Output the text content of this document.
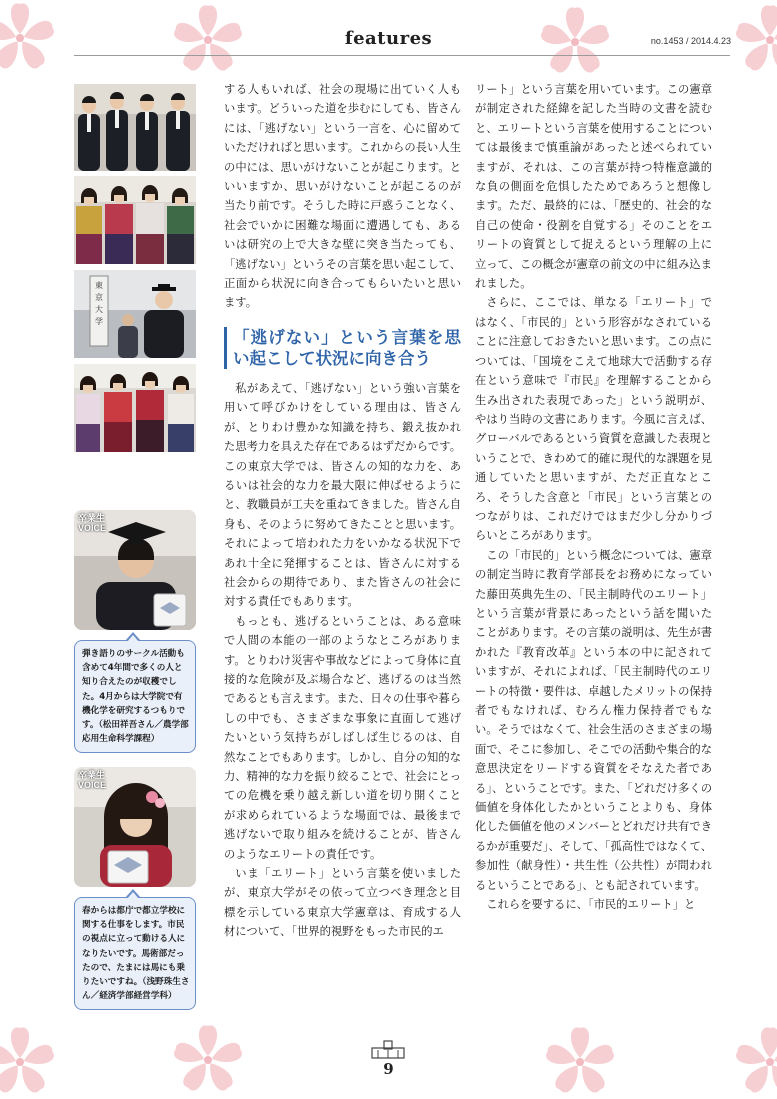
features	no.1453 / 2014.4.23
東
京
大
学
卒業生
VOICE
弾き語りのサークル活動も含めて4年間で多くの人と知り合えたのが収穫でした。4月からは大学院で有機化学を研究するつもりです。（松田祥吾さん／農学部応用生命科学課程）
卒業生
VOICE
春からは都庁で都立学校に関する仕事をします。市民の視点に立って動ける人になりたいです。馬術部だったので、たまには馬にも乗りたいですね。（浅野珠生さん／経済学部経営学科）

する人もいれば、社会の現場に出ていく人もいます。どういった道を歩むにしても、皆さんには、「逃げない」という一言を、心に留めていただければと思います。これからの長い人生の中には、思いがけないことが起こります。といいますか、思いがけないことが起こるのが当たり前です。そうした時に戸惑うことなく、社会でいかに困難な場面に遭遇しても、あるいは研究の上で大きな壁に突き当たっても、「逃げない」というその言葉を思い起こして、正面から状況に向き合ってもらいたいと思います。

「逃げない」という言葉を思い起こして状況に向き合う

私があえて、「逃げない」という強い言葉を用いて呼びかけをしている理由は、皆さんが、とりわけ豊かな知識を持ち、鍛え抜かれた思考力を具えた存在であるはずだからです。この東京大学では、皆さんの知的な力を、あるいは社会的な力を最大限に伸ばせるようにと、教職員が工夫を重ねてきました。皆さん自身も、そのように努めてきたことと思います。それによって培われた力をいかなる状況下であれ十全に発揮することは、皆さんに対する社会からの期待であり、また皆さんの社会に対する責任でもあります。

もっとも、逃げるということは、ある意味で人間の本能の一部のようなところがあります。とりわけ災害や事故などによって身体に直接的な危険が及ぶ場合など、逃げるのは当然であるとも言えます。また、日々の仕事や暮らしの中でも、さまざまな事象に直面して逃げたいという気持ちがしばしば生じるのは、自然なことでもあります。しかし、自分の知的な力、精神的な力を振り絞ることで、社会にとっての危機を乗り越え新しい道を切り開くことが求められているような場面では、最後まで逃げないで取り組みを続けることが、皆さんのようなエリートの責任です。

いま「エリート」という言葉を使いましたが、東京大学がその依って立つべき理念と目標を示している東京大学憲章は、育成する人材について、「世界的視野をもった市民的エ

リート」という言葉を用いています。この憲章が制定された経緯を記した当時の文書を読むと、エリートという言葉を使用することについては最後まで慎重論があったと述べられていますが、それは、この言葉が持つ特権意識的な負の側面を危惧したためであろうと想像します。ただ、最終的には、「歴史的、社会的な自己の使命・役割を自覚する」そのことをエリートの資質として捉えるという理解の上に立って、この概念が憲章の前文の中に組み込まれました。

さらに、ここでは、単なる「エリート」ではなく、「市民的」という形容がなされていることに注意しておきたいと思います。この点については、「国境をこえて地球大で活動する存在という意味で『市民』を理解することから生み出された表現であった」という説明が、やはり当時の文書にあります。今風に言えば、グローバルであるという資質を意識した表現ということで、きわめて的確に現代的な課題を見通していたと思いますが、ただ正直なところ、そうした含意と「市民」という言葉とのつながりは、これだけではまだ少し分かりづらいところがあります。

この「市民的」という概念については、憲章の制定当時に教育学部長をお務めになっていた藤田英典先生の、「民主制時代のエリート」という言葉が背景にあったという話を聞いたことがあります。その言葉の説明は、先生が書かれた『教育改革』という本の中に記されていますが、それによれば、「民主制時代のエリートの特徴・要件は、卓越したメリットの保持者でもなければ、むろん権力保持者でもない。そうではなくて、社会生活のさまざまの場面で、そこに参加し、そこでの活動や集合的な意思決定をリードする資質をそなえた者である」、ということです。また、「どれだけ多くの価値を身体化したかということよりも、身体化した価値を他のメンバーとどれだけ共有できるかが重要だ」、そして、「孤高性ではなくて、参加性（献身性）・共生性（公共性）が問われるということである」、とも記されています。

これらを要するに、「市民的エリート」と

9
